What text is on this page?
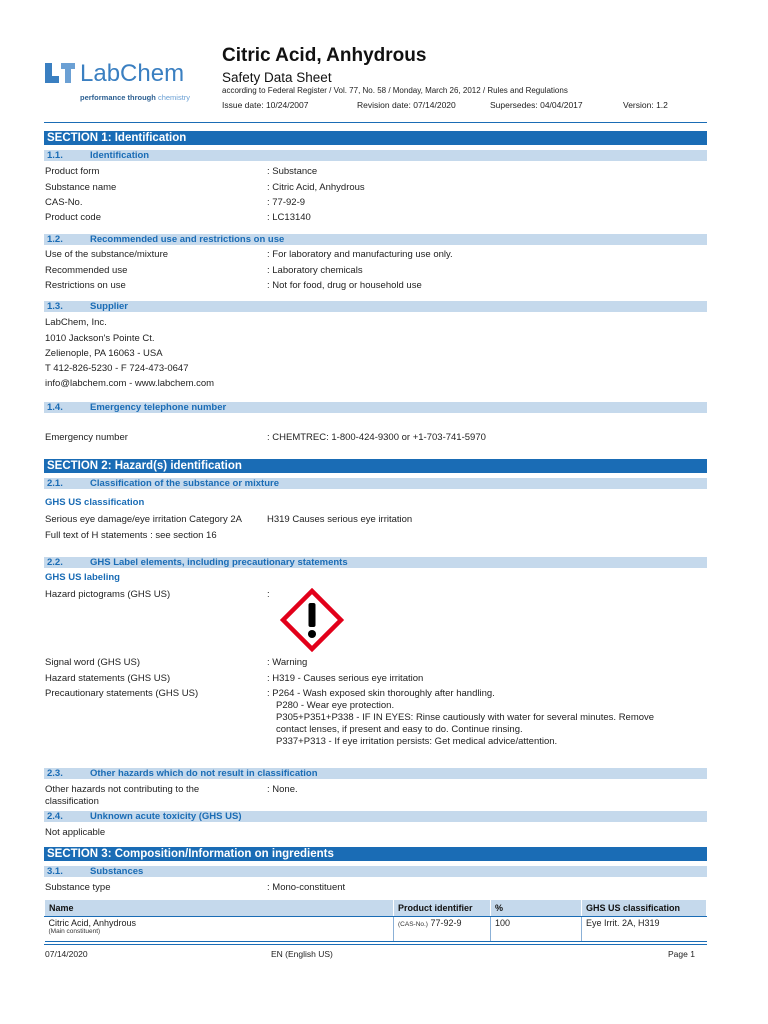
LabChem
performance through chemistry
Citric Acid, Anhydrous
Safety Data Sheet
according to Federal Register / Vol. 77, No. 58 / Monday, March 26, 2012 / Rules and Regulations
Issue date: 10/24/2007	Revision date: 07/14/2020	Supersedes: 04/04/2017	Version: 1.2
SECTION 1: Identification
1.1.	Identification
Product form	: Substance
Substance name	: Citric Acid, Anhydrous
CAS-No.	: 77-92-9
Product code	: LC13140
1.2.	Recommended use and restrictions on use
Use of the substance/mixture	: For laboratory and manufacturing use only.
Recommended use	: Laboratory chemicals
Restrictions on use	: Not for food, drug or household use
1.3.	Supplier
LabChem, Inc.
1010 Jackson's Pointe Ct.
Zelienople, PA 16063 - USA
T 412-826-5230 - F 724-473-0647
info@labchem.com - www.labchem.com
1.4.	Emergency telephone number
Emergency number	: CHEMTREC: 1-800-424-9300 or +1-703-741-5970
SECTION 2: Hazard(s) identification
2.1.	Classification of the substance or mixture
GHS US classification
Serious eye damage/eye irritation Category 2A	H319 Causes serious eye irritation
Full text of H statements : see section 16
2.2.	GHS Label elements, including precautionary statements
GHS US labeling
Hazard pictograms (GHS US)	:
Signal word (GHS US)	: Warning
Hazard statements (GHS US)	: H319 - Causes serious eye irritation
Precautionary statements (GHS US)	: P264 - Wash exposed skin thoroughly after handling.
P280 - Wear eye protection.
P305+P351+P338 - IF IN EYES: Rinse cautiously with water for several minutes. Remove
contact lenses, if present and easy to do. Continue rinsing.
P337+P313 - If eye irritation persists: Get medical advice/attention.
2.3.	Other hazards which do not result in classification
Other hazards not contributing to the
classification
: None.
2.4.	Unknown acute toxicity (GHS US)
Not applicable
SECTION 3: Composition/Information on ingredients
3.1.	Substances
Substance type	: Mono-constituent
Name	Product identifier	%	GHS US classification

Citric Acid, Anhydrous
(Main constituent)	(CAS-No.) 77-92-9	100	Eye Irrit. 2A, H319
07/14/2020	EN (English US)	Page 1
